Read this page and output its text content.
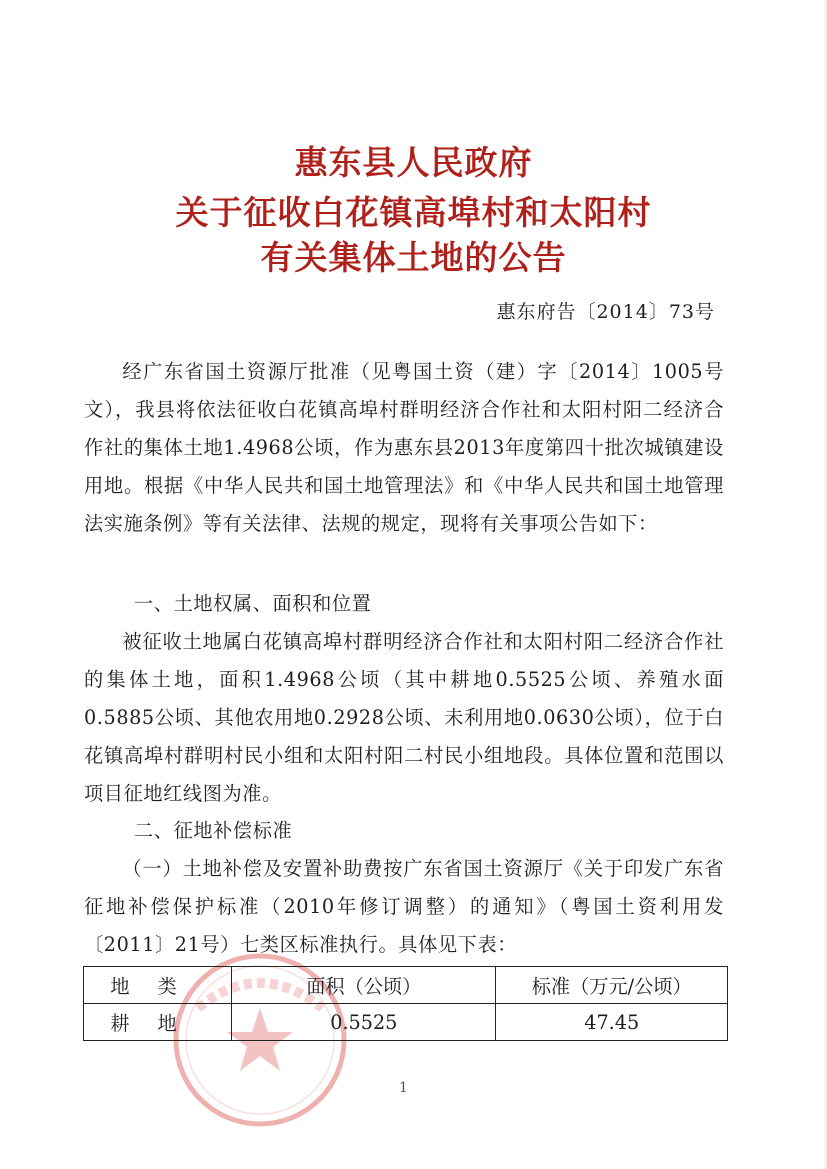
惠东县人民政府
关于征收白花镇高埠村和太阳村
有关集体土地的公告
惠东府告〔2014〕73号
经广东省国土资源厅批准（见粤国土资（建）字〔2014〕1005号文），我县将依法征收白花镇高埠村群明经济合作社和太阳村阳二经济合作社的集体土地1.4968公顷，作为惠东县2013年度第四十批次城镇建设用地。根据《中华人民共和国土地管理法》和《中华人民共和国土地管理法实施条例》等有关法律、法规的规定，现将有关事项公告如下：
一、土地权属、面积和位置
被征收土地属白花镇高埠村群明经济合作社和太阳村阳二经济合作社的集体土地，面积1.4968公顷（其中耕地0.5525公顷、养殖水面0.5885公顷、其他农用地0.2928公顷、未利用地0.0630公顷），位于白花镇高埠村群明村民小组和太阳村阳二村民小组地段。具体位置和范围以项目征地红线图为准。
二、征地补偿标准
（一）土地补偿及安置补助费按广东省国土资源厅《关于印发广东省征地补偿保护标准（2010年修订调整）的通知》（粤国土资利用发〔2011〕21号）七类区标准执行。具体见下表：
地类	面积（公顷）	标准（万元/公顷）
耕地	0.5525	47.45
1
